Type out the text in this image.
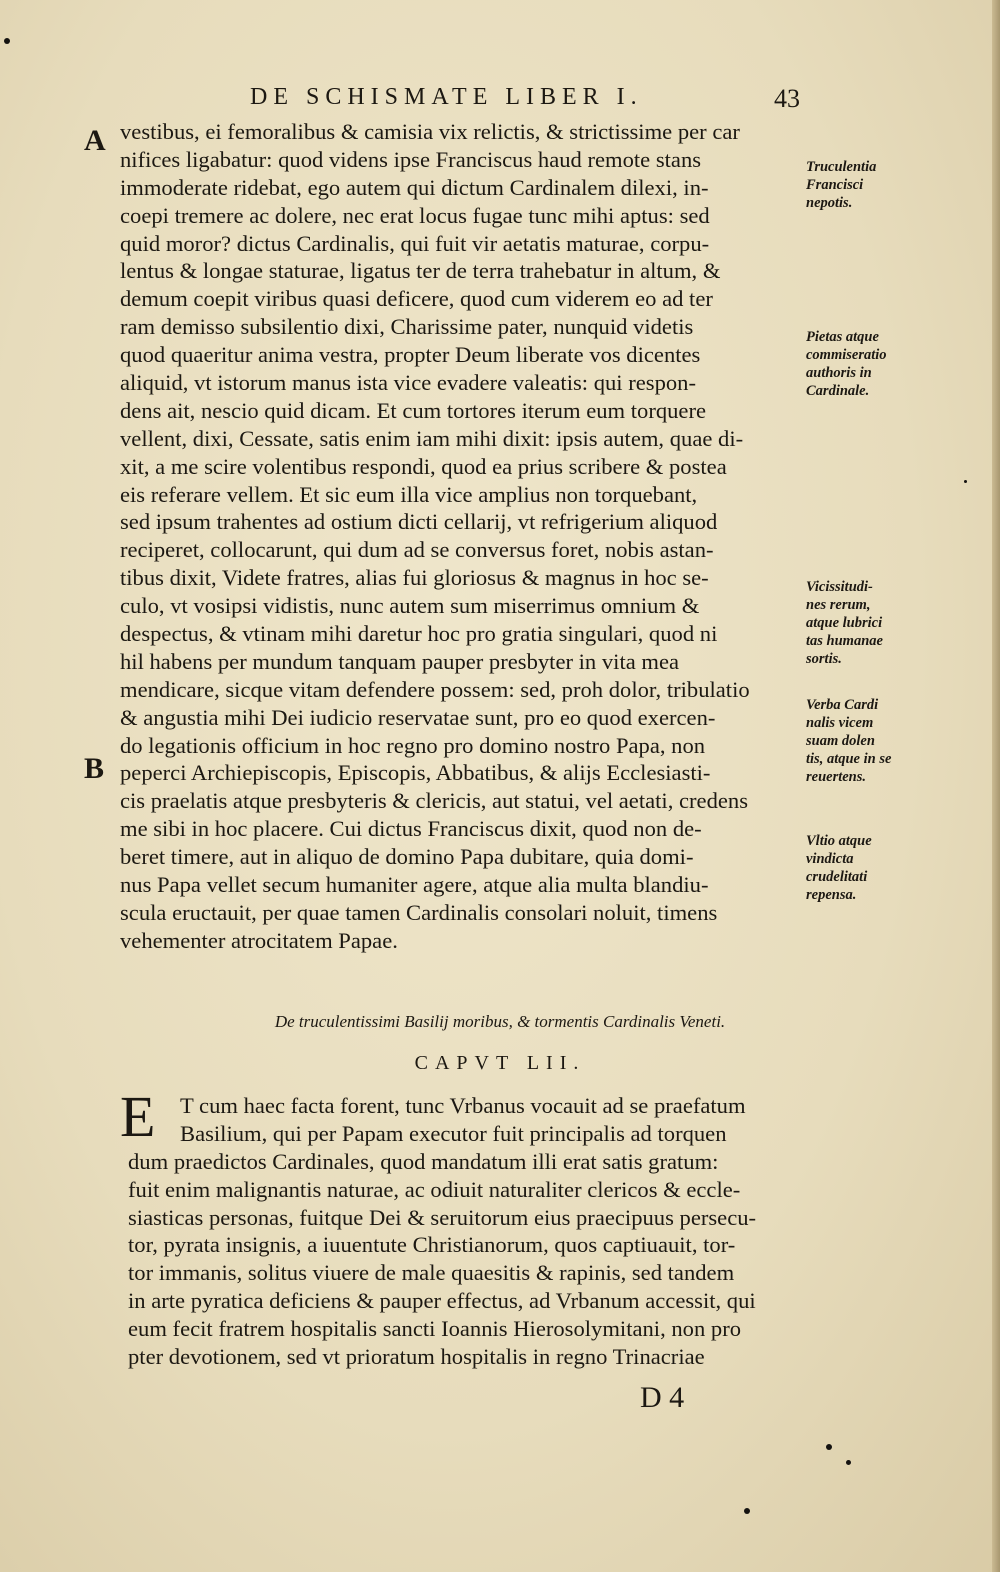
DE SCHISMATE LIBER I.	43
A
B
vestibus, ei femoralibus & camisia vix relictis, & strictissime per car
nifices ligabatur: quod videns ipse Franciscus haud remote stans
immoderate ridebat, ego autem qui dictum Cardinalem dilexi, in-
coepi tremere ac dolere, nec erat locus fugae tunc mihi aptus: sed
quid moror? dictus Cardinalis, qui fuit vir aetatis maturae, corpu-
lentus & longae staturae, ligatus ter de terra trahebatur in altum, &
demum coepit viribus quasi deficere, quod cum viderem eo ad ter
ram demisso subsilentio dixi, Charissime pater, nunquid videtis
quod quaeritur anima vestra, propter Deum liberate vos dicentes
aliquid, vt istorum manus ista vice evadere valeatis: qui respon-
dens ait, nescio quid dicam. Et cum tortores iterum eum torquere
vellent, dixi, Cessate, satis enim iam mihi dixit: ipsis autem, quae di-
xit, a me scire volentibus respondi, quod ea prius scribere & postea
eis referare vellem. Et sic eum illa vice amplius non torquebant,
sed ipsum trahentes ad ostium dicti cellarij, vt refrigerium aliquod
reciperet, collocarunt, qui dum ad se conversus foret, nobis astan-
tibus dixit, Videte fratres, alias fui gloriosus & magnus in hoc se-
culo, vt vosipsi vidistis, nunc autem sum miserrimus omnium &
despectus, & vtinam mihi daretur hoc pro gratia singulari, quod ni
hil habens per mundum tanquam pauper presbyter in vita mea
mendicare, sicque vitam defendere possem: sed, proh dolor, tribulatio
& angustia mihi Dei iudicio reservatae sunt, pro eo quod exercen-
do legationis officium in hoc regno pro domino nostro Papa, non
peperci Archiepiscopis, Episcopis, Abbatibus, & alijs Ecclesiasti-
cis praelatis atque presbyteris & clericis, aut statui, vel aetati, credens
me sibi in hoc placere. Cui dictus Franciscus dixit, quod non de-
beret timere, aut in aliquo de domino Papa dubitare, quia domi-
nus Papa vellet secum humaniter agere, atque alia multa blandiu-
scula eructauit, per quae tamen Cardinalis consolari noluit, timens
vehementer atrocitatem Papae.
Truculentia
Francisci
nepotis.
Pietas atque
commiseratio
authoris in
Cardinale.
Vicissitudi-
nes rerum,
atque lubrici
tas humanae
sortis.
Verba Cardi
nalis vicem
suam dolen
tis, atque in se
reuertens.
Vltio atque
vindicta
crudelitati
repensa.
De truculentissimi Basilij moribus, & tormentis Cardinalis Veneti.
CAPVT LII.
E	T cum haec facta forent, tunc Vrbanus vocauit ad se praefatum
Basilium, qui per Papam executor fuit principalis ad torquen
dum praedictos Cardinales, quod mandatum illi erat satis gratum:
fuit enim malignantis naturae, ac odiuit naturaliter clericos & eccle-
siasticas personas, fuitque Dei & seruitorum eius praecipuus persecu-
tor, pyrata insignis, a iuuentute Christianorum, quos captiuauit, tor-
tor immanis, solitus viuere de male quaesitis & rapinis, sed tandem
in arte pyratica deficiens & pauper effectus, ad Vrbanum accessit, qui
eum fecit fratrem hospitalis sancti Ioannis Hierosolymitani, non pro
pter devotionem, sed vt prioratum hospitalis in regno Trinacriae
D 4
